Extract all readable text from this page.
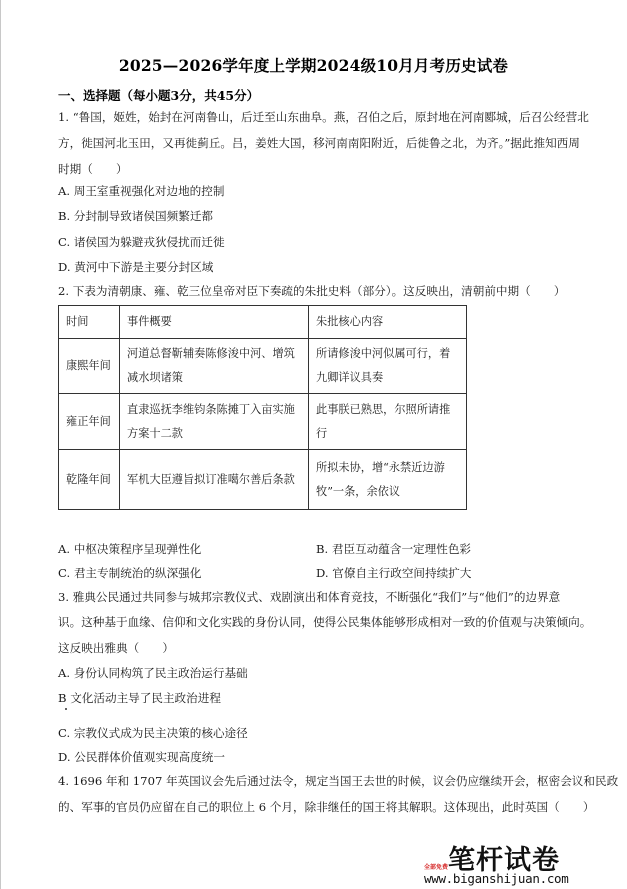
2025—2026学年度上学期2024级10月月考历史试卷
一、选择题（每小题3分，共45分）
1. “鲁国，姬姓，始封在河南鲁山，后迁至山东曲阜。燕，召伯之后，原封地在河南郾城，后召公经营北
方，徙国河北玉田，又再徙蓟丘。吕，姜姓大国，移河南南阳附近，后徙鲁之北，为齐。”据此推知西周
时期（　　）
A. 周王室重视强化对边地的控制
B. 分封制导致诸侯国频繁迁都
C. 诸侯国为躲避戎狄侵扰而迁徙
D. 黄河中下游是主要分封区域
2. 下表为清朝康、雍、乾三位皇帝对臣下奏疏的朱批史料（部分）。这反映出，清朝前中期（　　）
时间	事件概要	朱批核心内容
康熙年间	河道总督靳辅奏陈修浚中河、增筑减水坝诸策	所请修浚中河似属可行，着九卿详议具奏
雍正年间	直隶巡抚李维钧条陈摊丁入亩实施方案十二款	此事朕已熟思，尔照所请推行
乾隆年间	军机大臣遵旨拟订准噶尔善后条款	所拟未协，增“永禁近边游牧”一条，余依议
A. 中枢决策程序呈现弹性化	B. 君臣互动蕴含一定理性色彩
C. 君主专制统治的纵深强化	D. 官僚自主行政空间持续扩大
3. 雅典公民通过共同参与城邦宗教仪式、戏剧演出和体育竞技，不断强化“我们”与“他们”的边界意
识。这种基于血缘、信仰和文化实践的身份认同，使得公民集体能够形成相对一致的价值观与决策倾向。
这反映出雅典（　　）
A. 身份认同构筑了民主政治运行基础
B 文化活动主导了民主政治进程
C. 宗教仪式成为民主决策的核心途径
D. 公民群体价值观实现高度统一
4. 1696 年和 1707 年英国议会先后通过法令，规定当国王去世的时候，议会仍应继续开会，枢密会议和民政
的、军事的官员仍应留在自己的职位上 6 个月，除非继任的国王将其解职。这体现出，此时英国（　　）
笔杆试卷
全部免费
www.biganshijuan.com
